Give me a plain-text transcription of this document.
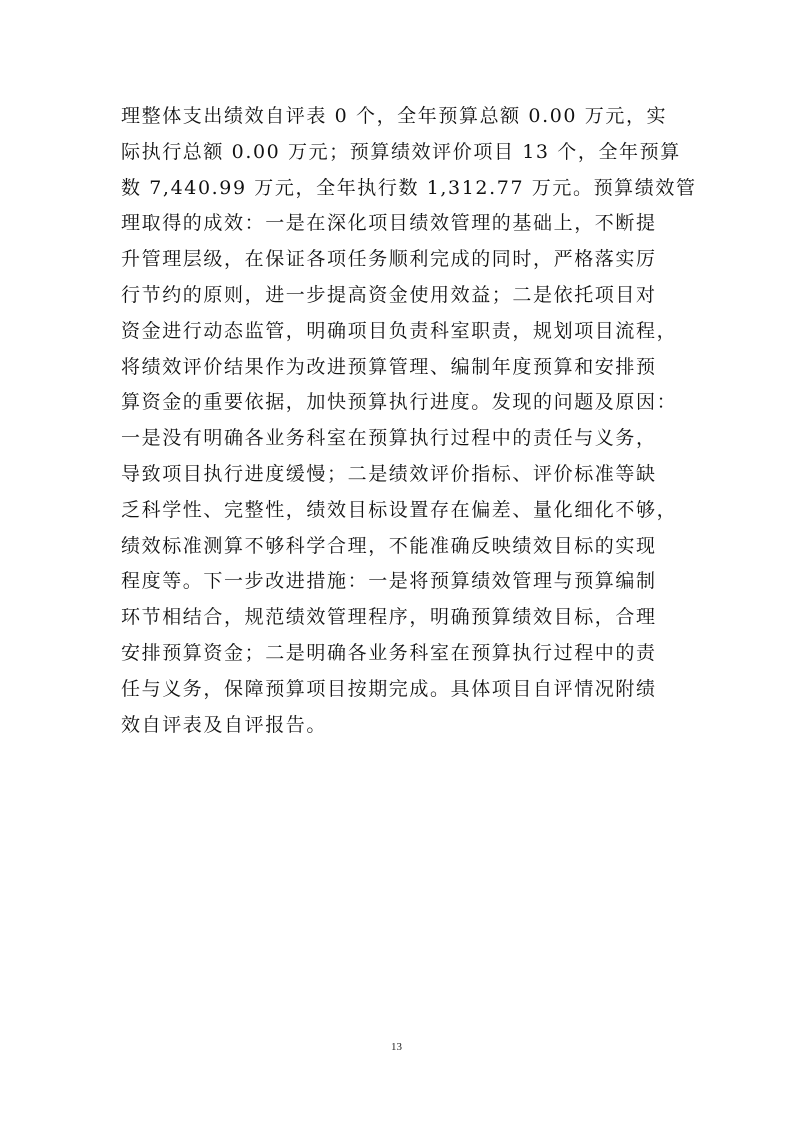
理整体支出绩效自评表 0 个，全年预算总额 0.00 万元，实
际执行总额 0.00 万元；预算绩效评价项目 13 个，全年预算
数 7,440.99 万元，全年执行数 1,312.77 万元。预算绩效管
理取得的成效：一是在深化项目绩效管理的基础上，不断提
升管理层级，在保证各项任务顺利完成的同时，严格落实厉
行节约的原则，进一步提高资金使用效益；二是依托项目对
资金进行动态监管，明确项目负责科室职责，规划项目流程，
将绩效评价结果作为改进预算管理、编制年度预算和安排预
算资金的重要依据，加快预算执行进度。发现的问题及原因：
一是没有明确各业务科室在预算执行过程中的责任与义务，
导致项目执行进度缓慢；二是绩效评价指标、评价标准等缺
乏科学性、完整性，绩效目标设置存在偏差、量化细化不够，
绩效标准测算不够科学合理，不能准确反映绩效目标的实现
程度等。下一步改进措施：一是将预算绩效管理与预算编制
环节相结合，规范绩效管理程序，明确预算绩效目标，合理
安排预算资金；二是明确各业务科室在预算执行过程中的责
任与义务，保障预算项目按期完成。具体项目自评情况附绩
效自评表及自评报告。
13
